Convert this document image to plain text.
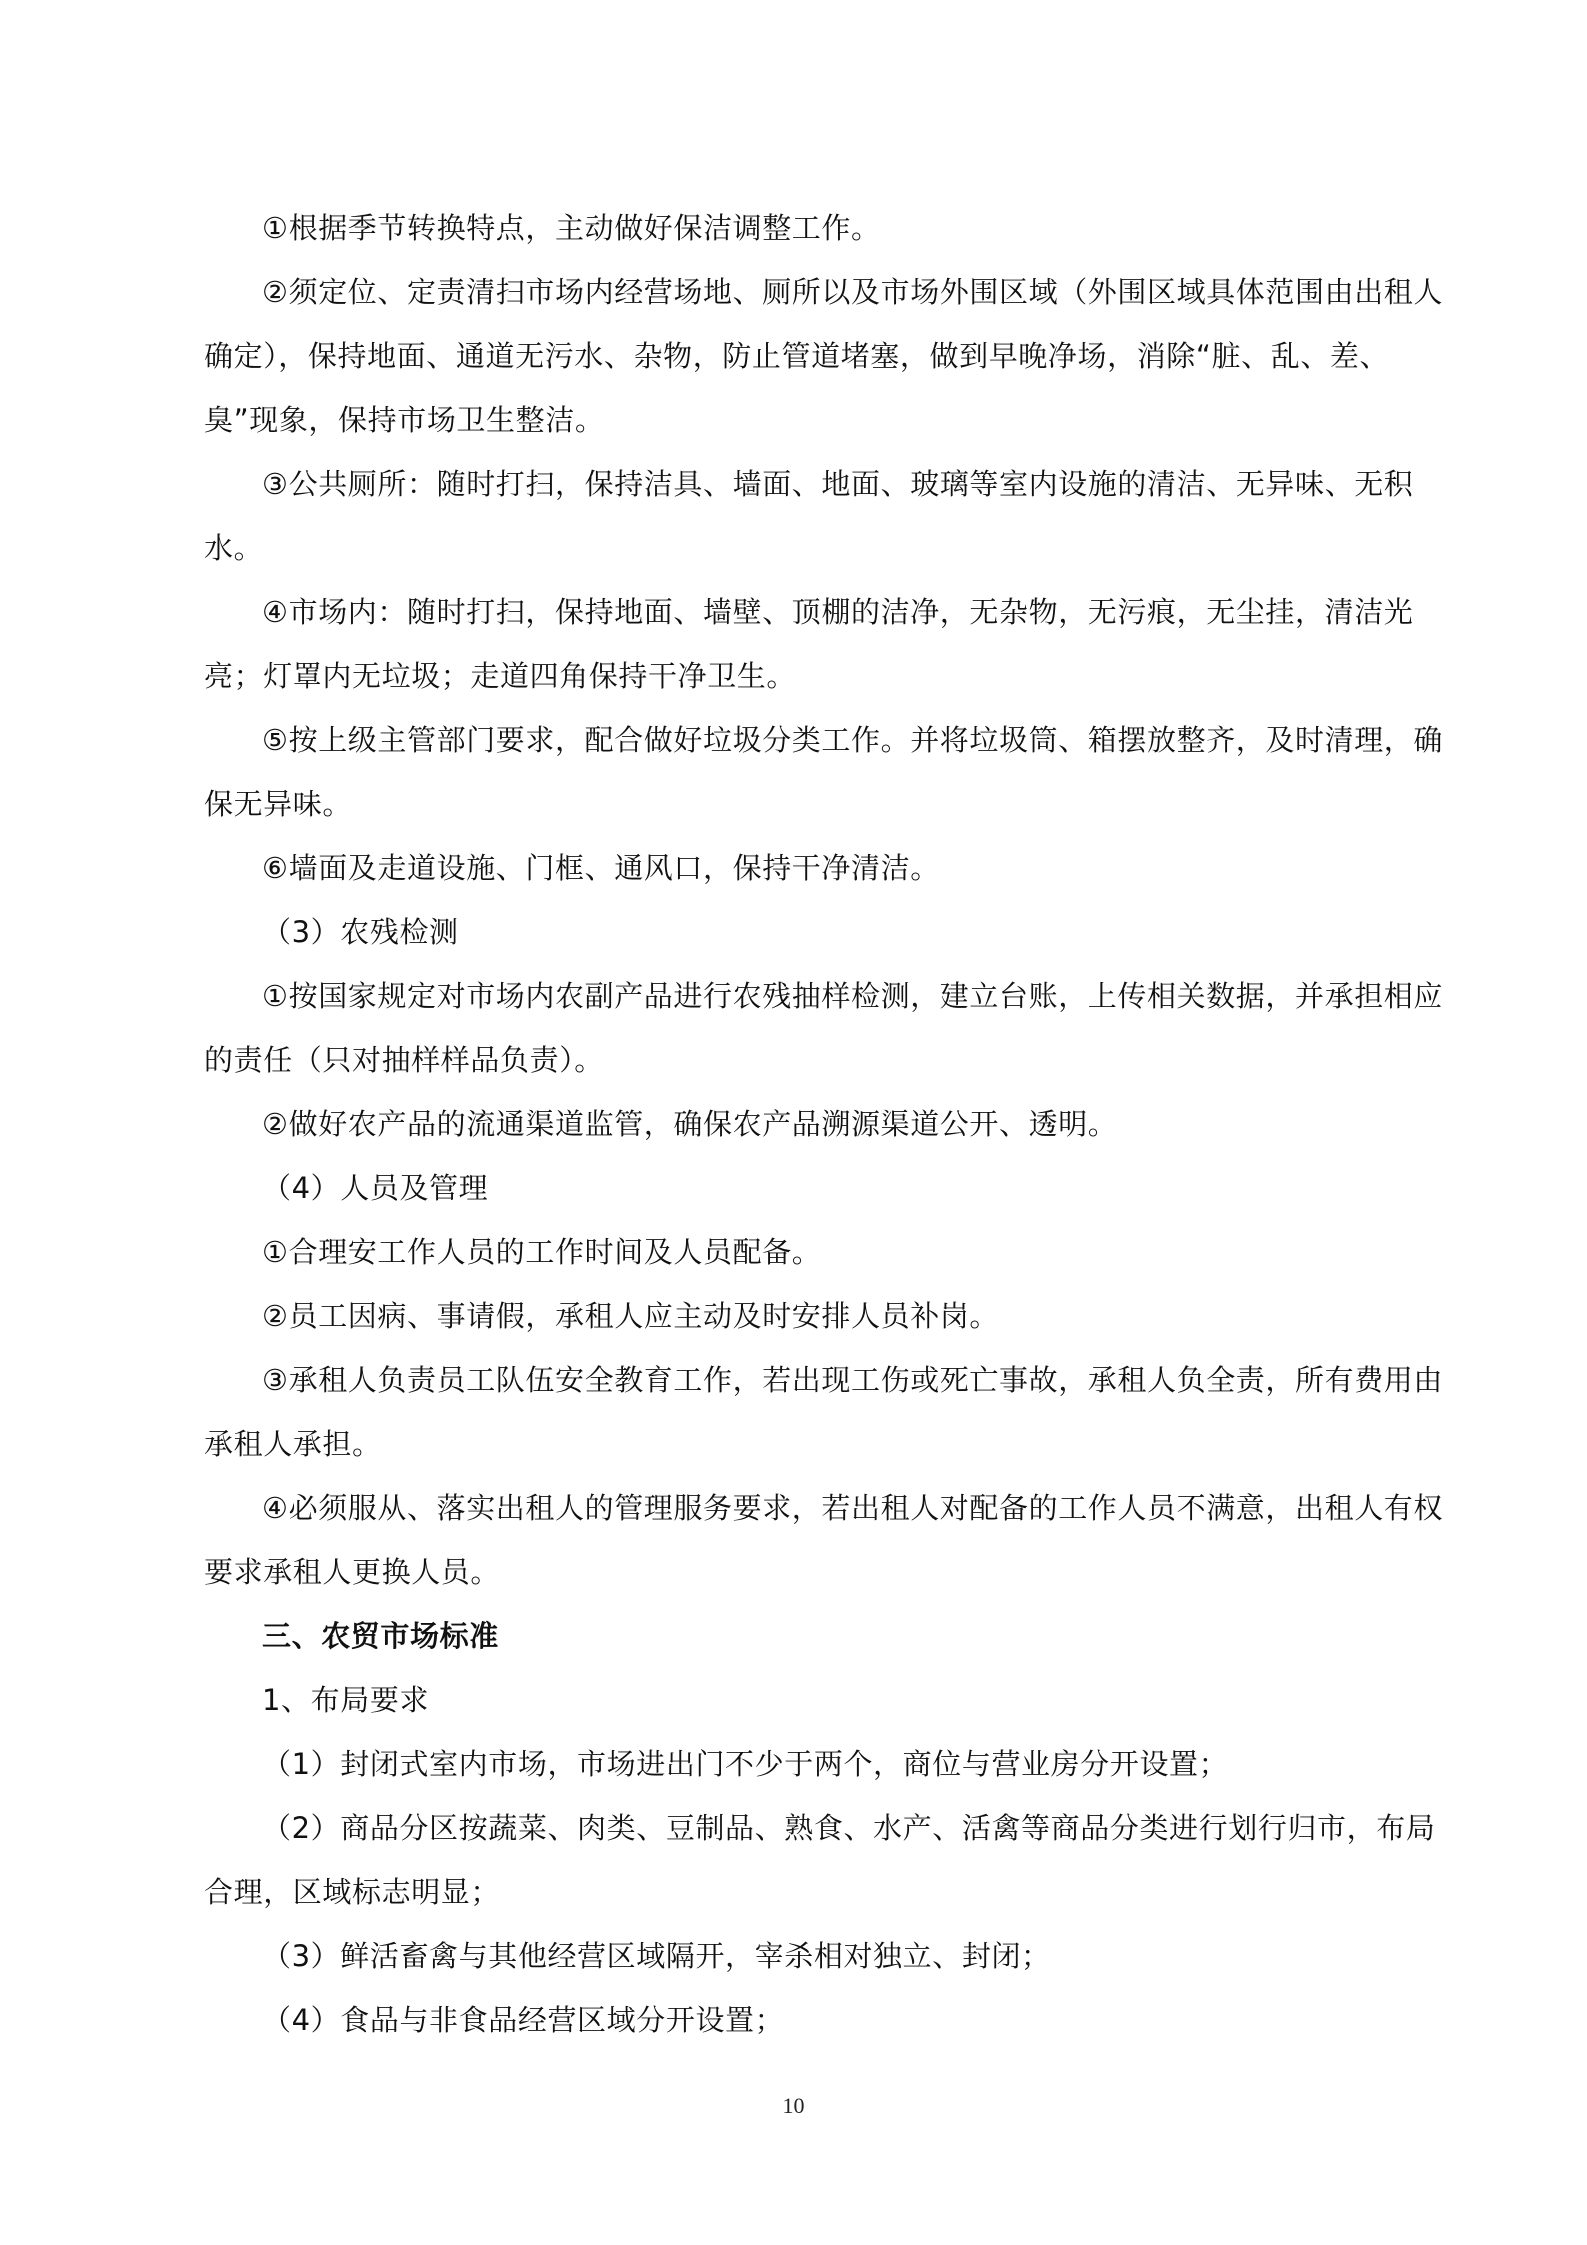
①根据季节转换特点，主动做好保洁调整工作。

②须定位、定责清扫市场内经营场地、厕所以及市场外围区域（外围区域具体范围由出租人确定），保持地面、通道无污水、杂物，防止管道堵塞，做到早晚净场，消除“脏、乱、差、臭”现象，保持市场卫生整洁。

③公共厕所：随时打扫，保持洁具、墙面、地面、玻璃等室内设施的清洁、无异味、无积水。

④市场内：随时打扫，保持地面、墙壁、顶棚的洁净，无杂物，无污痕，无尘挂，清洁光亮；灯罩内无垃圾；走道四角保持干净卫生。

⑤按上级主管部门要求，配合做好垃圾分类工作。并将垃圾筒、箱摆放整齐，及时清理，确保无异味。

⑥墙面及走道设施、门框、通风口，保持干净清洁。

（3）农残检测

①按国家规定对市场内农副产品进行农残抽样检测，建立台账，上传相关数据，并承担相应的责任（只对抽样样品负责）。

②做好农产品的流通渠道监管，确保农产品溯源渠道公开、透明。

（4）人员及管理

①合理安工作人员的工作时间及人员配备。

②员工因病、事请假，承租人应主动及时安排人员补岗。

③承租人负责员工队伍安全教育工作，若出现工伤或死亡事故，承租人负全责，所有费用由承租人承担。

④必须服从、落实出租人的管理服务要求，若出租人对配备的工作人员不满意，出租人有权要求承租人更换人员。

三、农贸市场标准

1、布局要求

（1）封闭式室内市场，市场进出门不少于两个，商位与营业房分开设置；

（2）商品分区按蔬菜、肉类、豆制品、熟食、水产、活禽等商品分类进行划行归市，布局合理，区域标志明显；

（3）鲜活畜禽与其他经营区域隔开，宰杀相对独立、封闭；

（4）食品与非食品经营区域分开设置；

10
